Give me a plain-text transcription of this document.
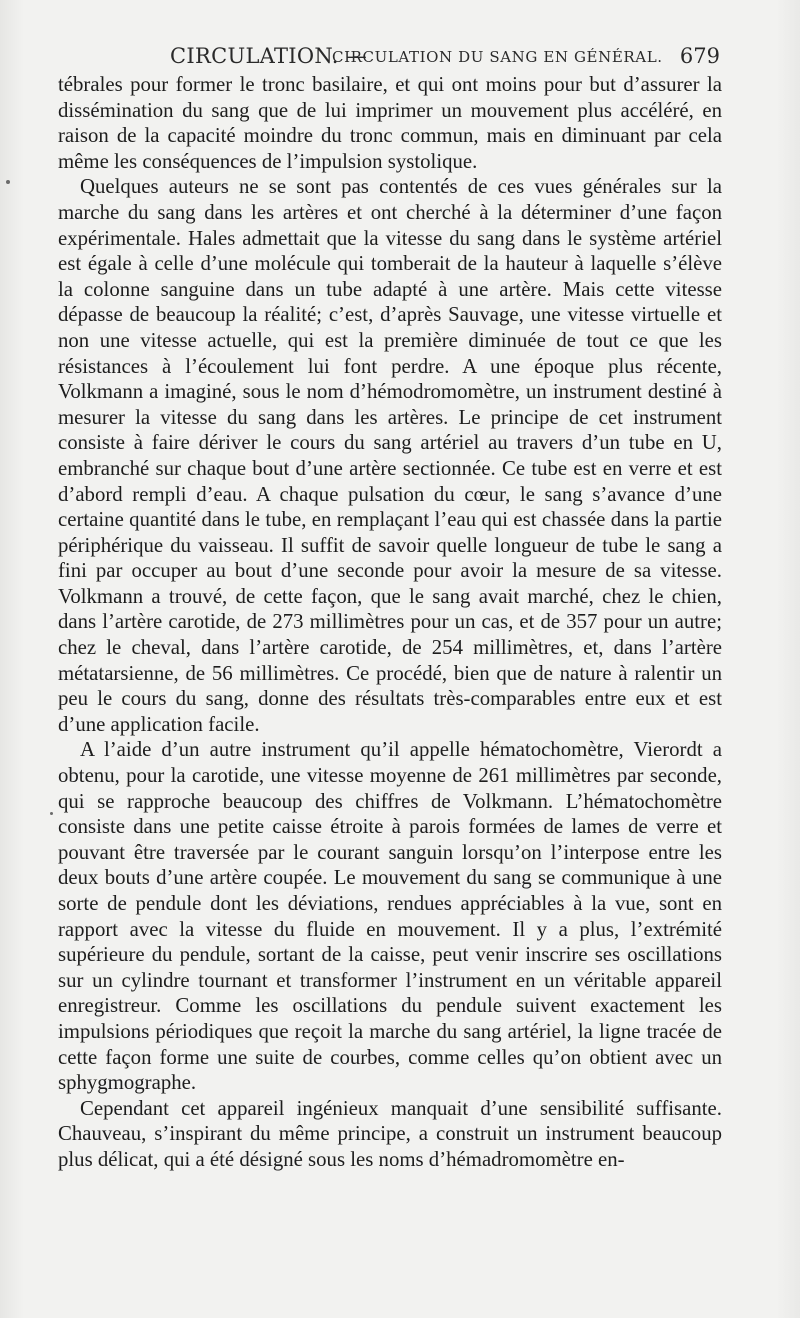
CIRCULATION. —
CIRCULATION DU SANG EN GÉNÉRAL. 679

tébrales pour former le tronc basilaire, et qui ont moins pour but d’assurer la dissémination du sang que de lui imprimer un mouvement plus accéléré, en raison de la capacité moindre du tronc commun, mais en diminuant par cela même les conséquences de l’impulsion systolique.

Quelques auteurs ne se sont pas contentés de ces vues générales sur la marche du sang dans les artères et ont cherché à la déterminer d’une façon expérimentale. Hales admettait que la vitesse du sang dans le système artériel est égale à celle d’une molécule qui tomberait de la hauteur à laquelle s’élève la colonne sanguine dans un tube adapté à une artère. Mais cette vitesse dépasse de beaucoup la réalité; c’est, d’après Sauvage, une vitesse virtuelle et non une vitesse actuelle, qui est la première diminuée de tout ce que les résistances à l’écoulement lui font perdre. A une époque plus récente, Volkmann a imaginé, sous le nom d’hémodromomètre, un instrument destiné à mesurer la vitesse du sang dans les artères. Le principe de cet instrument consiste à faire dériver le cours du sang artériel au travers d’un tube en U, embranché sur chaque bout d’une artère sectionnée. Ce tube est en verre et est d’abord rempli d’eau. A chaque pulsation du cœur, le sang s’avance d’une certaine quantité dans le tube, en remplaçant l’eau qui est chassée dans la partie périphérique du vaisseau. Il suffit de savoir quelle longueur de tube le sang a fini par occuper au bout d’une seconde pour avoir la mesure de sa vitesse. Volkmann a trouvé, de cette façon, que le sang avait marché, chez le chien, dans l’artère carotide, de 273 millimètres pour un cas, et de 357 pour un autre; chez le cheval, dans l’artère carotide, de 254 millimètres, et, dans l’artère métatarsienne, de 56 millimètres. Ce procédé, bien que de nature à ralentir un peu le cours du sang, donne des résultats très-comparables entre eux et est d’une application facile.

A l’aide d’un autre instrument qu’il appelle hématochomètre, Vierordt a obtenu, pour la carotide, une vitesse moyenne de 261 millimètres par seconde, qui se rapproche beaucoup des chiffres de Volkmann. L’hématochomètre consiste dans une petite caisse étroite à parois formées de lames de verre et pouvant être traversée par le courant sanguin lorsqu’on l’interpose entre les deux bouts d’une artère coupée. Le mouvement du sang se communique à une sorte de pendule dont les déviations, rendues appréciables à la vue, sont en rapport avec la vitesse du fluide en mouvement. Il y a plus, l’extrémité supérieure du pendule, sortant de la caisse, peut venir inscrire ses oscillations sur un cylindre tournant et transformer l’instrument en un véritable appareil enregistreur. Comme les oscillations du pendule suivent exactement les impulsions périodiques que reçoit la marche du sang artériel, la ligne tracée de cette façon forme une suite de courbes, comme celles qu’on obtient avec un sphygmographe.

Cependant cet appareil ingénieux manquait d’une sensibilité suffisante. Chauveau, s’inspirant du même principe, a construit un instrument beaucoup plus délicat, qui a été désigné sous les noms d’hémadromomètre en-
